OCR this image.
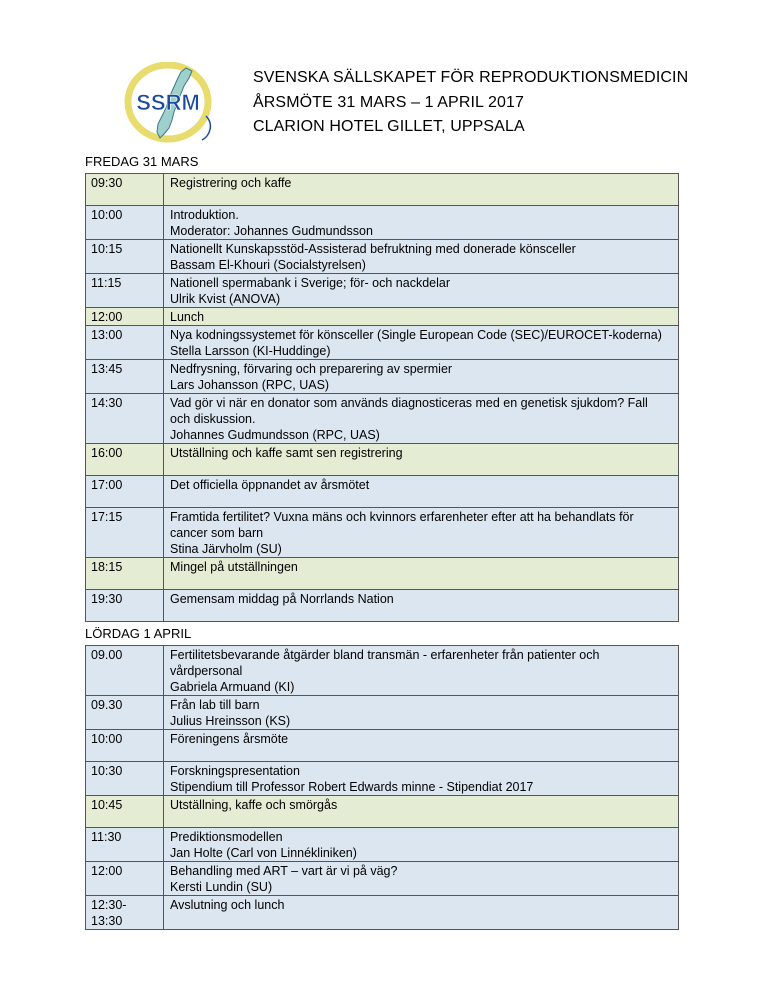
SSRM
SVENSKA SÄLLSKAPET FÖR REPRODUKTIONSMEDICIN
ÅRSMÖTE 31 MARS – 1 APRIL 2017
CLARION HOTEL GILLET, UPPSALA
FREDAG 31 MARS
09:30	Registrering och kaffe

10:00	Introduktion.
Moderator: Johannes Gudmundsson

10:15	Nationellt Kunskapsstöd-Assisterad befruktning med donerade könsceller
Bassam El-Khouri (Socialstyrelsen)

11:15	Nationell spermabank i Sverige; för- och nackdelar
Ulrik Kvist (ANOVA)

12:00	Lunch

13:00	Nya kodningssystemet för könsceller (Single European Code (SEC)/EUROCET-koderna)
Stella Larsson (KI-Huddinge)

13:45	Nedfrysning, förvaring och preparering av spermier
Lars Johansson (RPC, UAS)

14:30	Vad gör vi när en donator som används diagnosticeras med en genetisk sjukdom? Fall
och diskussion.
Johannes Gudmundsson (RPC, UAS)

16:00	Utställning och kaffe samt sen registrering

17:00	Det officiella öppnandet av årsmötet

17:15	Framtida fertilitet? Vuxna mäns och kvinnors erfarenheter efter att ha behandlats för
cancer som barn
Stina Järvholm (SU)

18:15	Mingel på utställningen

19:30	Gemensam middag på Norrlands Nation
LÖRDAG 1 APRIL
09.00	Fertilitetsbevarande åtgärder bland transmän - erfarenheter från patienter och
vårdpersonal
Gabriela Armuand (KI)

09.30	Från lab till barn
Julius Hreinsson (KS)

10:00	Föreningens årsmöte

10:30	Forskningspresentation
Stipendium till Professor Robert Edwards minne - Stipendiat 2017

10:45	Utställning, kaffe och smörgås

11:30	Prediktionsmodellen
Jan Holte (Carl von Linnékliniken)

12:00	Behandling med ART – vart är vi på väg?
Kersti Lundin (SU)

12:30-
13:30	Avslutning och lunch
